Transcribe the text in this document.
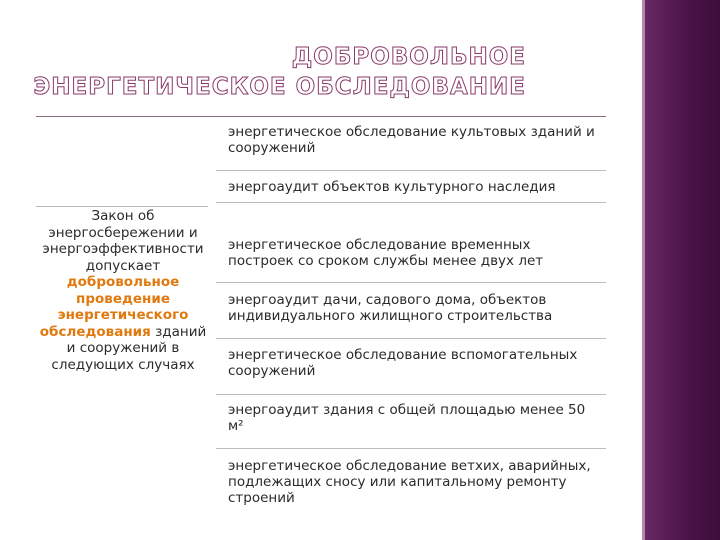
ДОБРОВОЛЬНОЕ
ЭНЕРГЕТИЧЕСКОЕ ОБСЛЕДОВАНИЕ
Закон об
энергосбережении и
энергоэффективности
допускает
добровольное
проведение
энергетического
обследования зданий
и сооружений в
следующих случаях
энергетическое обследование культовых зданий и сооружений
энергоаудит объектов культурного наследия
энергетическое обследование временных построек со сроком службы менее двух лет
энергоаудит дачи, садового дома, объектов индивидуального жилищного строительства
энергетическое обследование вспомогательных сооружений
энергоаудит здания с общей площадью менее 50 м²
энергетическое обследование ветхих, аварийных, подлежащих сносу или капитальному ремонту строений
